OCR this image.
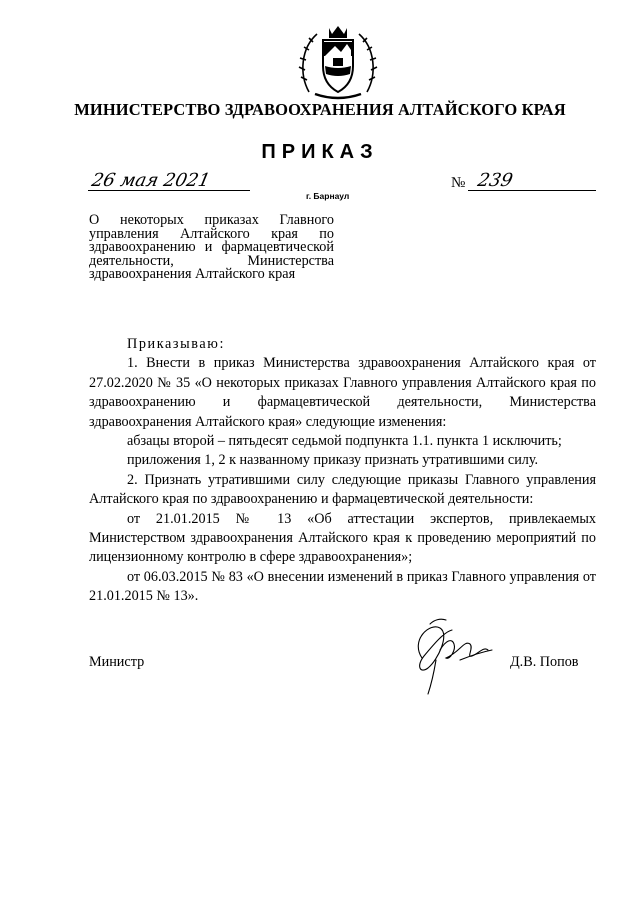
МИНИСТЕРСТВО ЗДРАВООХРАНЕНИЯ АЛТАЙСКОГО КРАЯ
ПРИКАЗ
26 мая 2021
г. Барнаул
№ 239
О некоторых приказах Главного управления Алтайского края по здравоохранению и фармацевтической деятельности, Министерства здравоохранения Алтайского края

Приказываю:

1. Внести в приказ Министерства здравоохранения Алтайского края от 27.02.2020 № 35 «О некоторых приказах Главного управления Алтайского края по здравоохранению и фармацевтической деятельности, Министерства здравоохранения Алтайского края» следующие изменения:

абзацы второй – пятьдесят седьмой подпункта 1.1. пункта 1 исключить;

приложения 1, 2 к названному приказу признать утратившими силу.

2. Признать утратившими силу следующие приказы Главного управления Алтайского края по здравоохранению и фармацевтической деятельности:

от 21.01.2015 № 13 «Об аттестации экспертов, привлекаемых Министерством здравоохранения Алтайского края к проведению мероприятий по лицензионному контролю в сфере здравоохранения»;

от 06.03.2015 № 83 «О внесении изменений в приказ Главного управления от 21.01.2015 № 13».

Министр	Д.В. Попов
